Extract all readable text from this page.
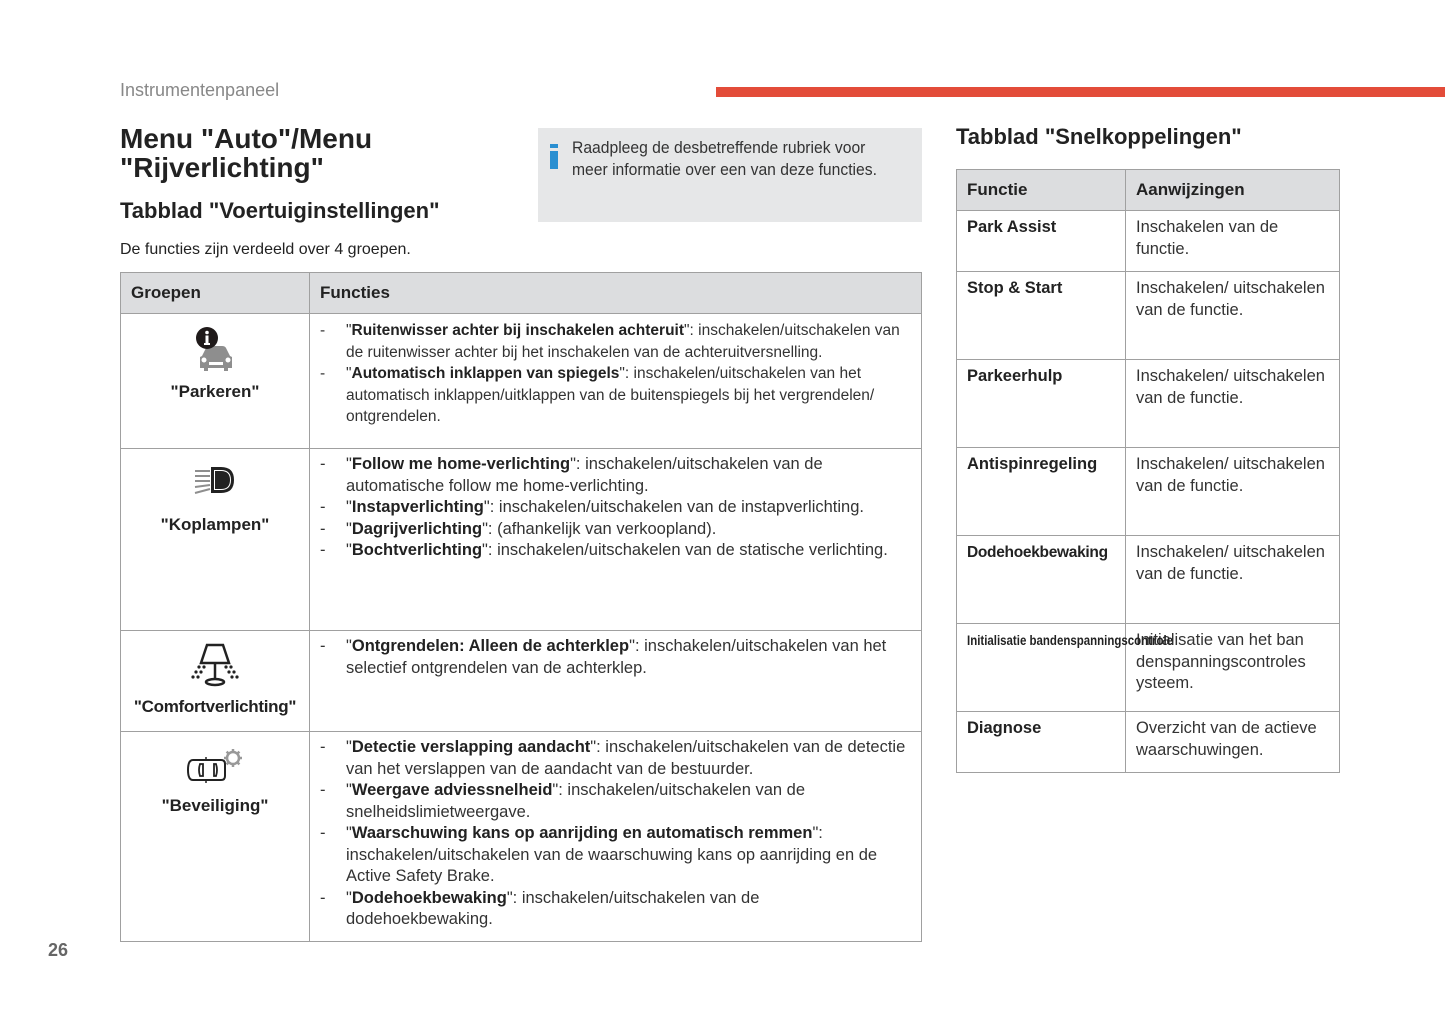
Instrumentenpaneel
Menu "Auto"/Menu "Rijverlichting"
Tabblad "Voertuiginstellingen"
De functies zijn verdeeld over 4 groepen.
Raadpleeg de desbetreffende rubriek voor meer informatie over een van deze functies.
Groepen	Functies

"Parkeren"

- "Ruitenwisser achter bij inschakelen achteruit": inschakelen/uitschakelen van de ruitenwisser achter bij het inschakelen van de achteruitversnelling.
- "Automatisch inklappen van spiegels": inschakelen/uitschakelen van het automatisch inklappen/uitklappen van de buitenspiegels bij het vergrendelen/ ontgrendelen.

"Koplampen"

- "Follow me home-verlichting": inschakelen/uitschakelen van de automatische follow me home-verlichting.
- "Instapverlichting": inschakelen/uitschakelen van de instapverlichting.
- "Dagrijverlichting": (afhankelijk van verkoopland).
- "Bochtverlichting": inschakelen/uitschakelen van de statische verlichting.

"Comfortverlichting"

- "Ontgrendelen: Alleen de achterklep": inschakelen/uitschakelen van het selectief ontgrendelen van de achterklep.

"Beveiliging"

- "Detectie verslapping aandacht": inschakelen/uitschakelen van de detectie van het verslappen van de aandacht van de bestuurder.
- "Weergave adviessnelheid": inschakelen/uitschakelen van de snelheidslimietweergave.
- "Waarschuwing kans op aanrijding en automatisch remmen": inschakelen/uitschakelen van de waarschuwing kans op aanrijding en de Active Safety Brake.
- "Dodehoekbewaking": inschakelen/uitschakelen van de dodehoekbewaking.
Tabblad "Snelkoppelingen"
Functie	Aanwijzingen
Park Assist	Inschakelen van de functie.
Stop & Start	Inschakelen/ uitschakelen van de functie.
Parkeerhulp	Inschakelen/ uitschakelen van de functie.
Antispinregeling	Inschakelen/ uitschakelen van de functie.
Dodehoekbewaking	Inschakelen/ uitschakelen van de functie.

Initialisatie bandenspanningscontrole	Initialisatie van het ban denspanningscontroles ysteem.
Diagnose	Overzicht van de actieve waarschuwingen.
26
